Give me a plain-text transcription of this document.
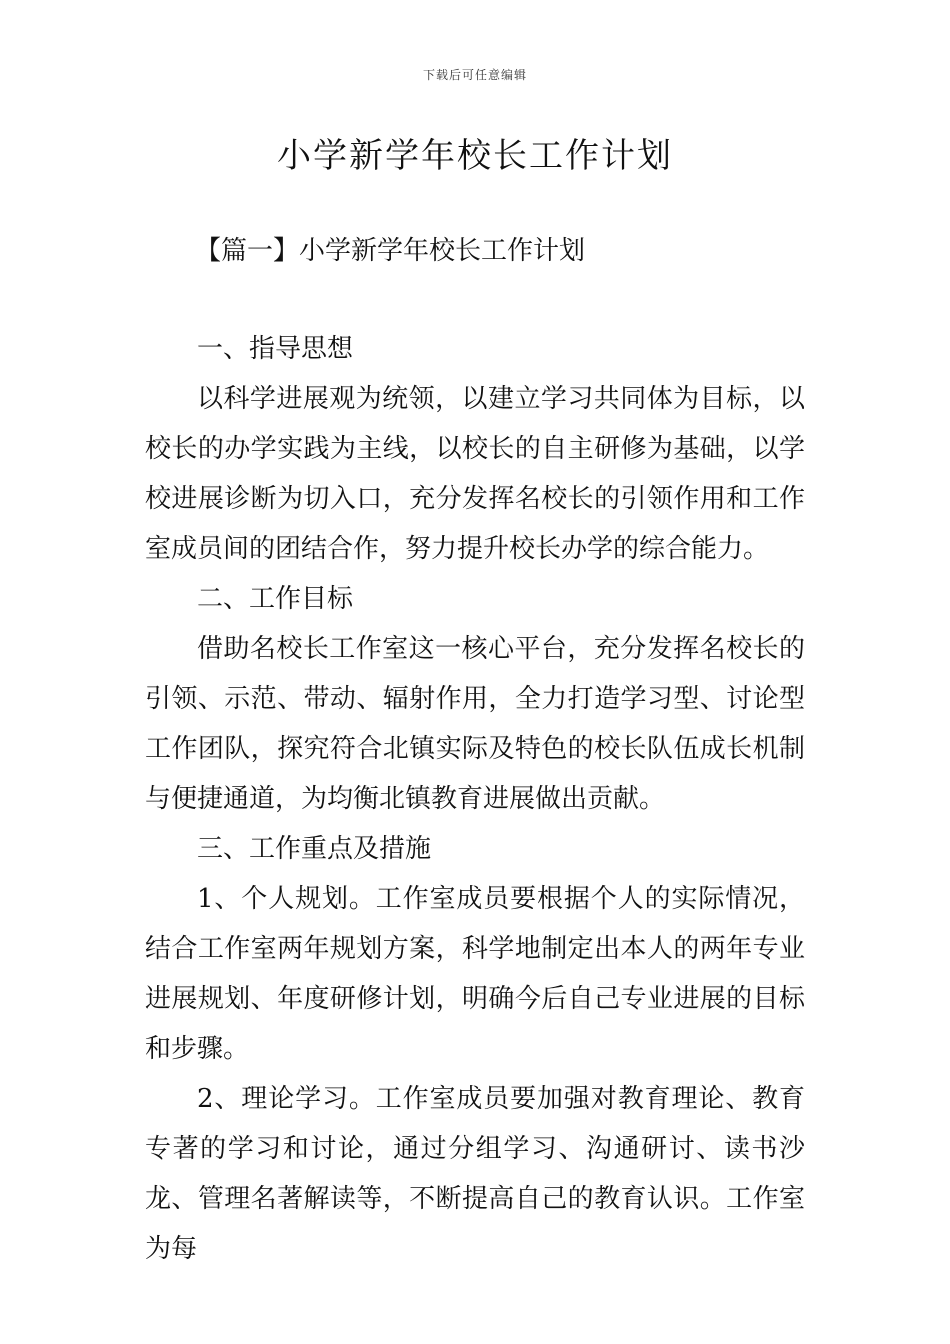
下载后可任意编辑
小学新学年校长工作计划
【篇一】小学新学年校长工作计划

一、指导思想

以科学进展观为统领，以建立学习共同体为目标，以校长的办学实践为主线，以校长的自主研修为基础，以学校进展诊断为切入口，充分发挥名校长的引领作用和工作室成员间的团结合作，努力提升校长办学的综合能力。

二、工作目标

借助名校长工作室这一核心平台，充分发挥名校长的引领、示范、带动、辐射作用，全力打造学习型、讨论型工作团队，探究符合北镇实际及特色的校长队伍成长机制与便捷通道，为均衡北镇教育进展做出贡献。

三、工作重点及措施

1、个人规划。工作室成员要根据个人的实际情况，结合工作室两年规划方案，科学地制定出本人的两年专业进展规划、年度研修计划，明确今后自己专业进展的目标和步骤。

2、理论学习。工作室成员要加强对教育理论、教育专著的学习和讨论，通过分组学习、沟通研讨、读书沙龙、管理名著解读等，不断提高自己的教育认识。工作室为每
